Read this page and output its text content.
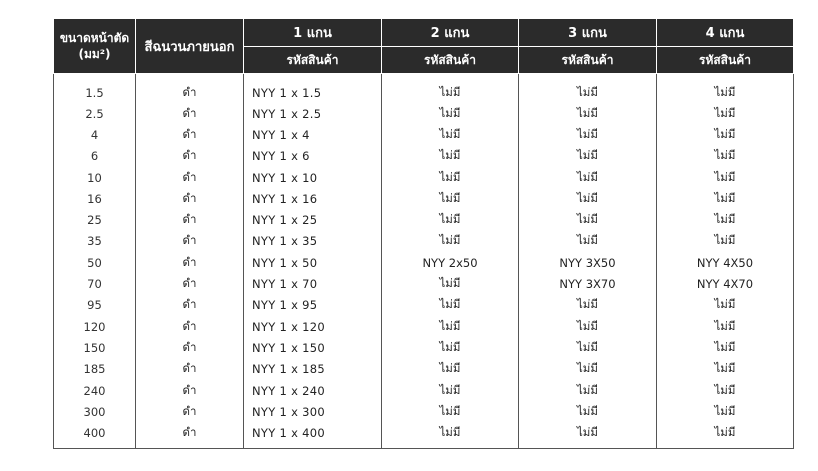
ขนาดหน้าตัด
(มม²)	สีฉนวนภายนอก	1 แกน	2 แกน	3 แกน	4 แกน
		รหัสสินค้า	รหัสสินค้า	รหัสสินค้า	รหัสสินค้า
1.5	ดำ	NYY 1 x 1.5	ไม่มี	ไม่มี	ไม่มี
2.5	ดำ	NYY 1 x 2.5	ไม่มี	ไม่มี	ไม่มี
4	ดำ	NYY 1 x 4	ไม่มี	ไม่มี	ไม่มี
6	ดำ	NYY 1 x 6	ไม่มี	ไม่มี	ไม่มี
10	ดำ	NYY 1 x 10	ไม่มี	ไม่มี	ไม่มี
16	ดำ	NYY 1 x 16	ไม่มี	ไม่มี	ไม่มี
25	ดำ	NYY 1 x 25	ไม่มี	ไม่มี	ไม่มี
35	ดำ	NYY 1 x 35	ไม่มี	ไม่มี	ไม่มี
50	ดำ	NYY 1 x 50	NYY 2x50	NYY 3X50	NYY 4X50
70	ดำ	NYY 1 x 70	ไม่มี	NYY 3X70	NYY 4X70
95	ดำ	NYY 1 x 95	ไม่มี	ไม่มี	ไม่มี
120	ดำ	NYY 1 x 120	ไม่มี	ไม่มี	ไม่มี
150	ดำ	NYY 1 x 150	ไม่มี	ไม่มี	ไม่มี
185	ดำ	NYY 1 x 185	ไม่มี	ไม่มี	ไม่มี
240	ดำ	NYY 1 x 240	ไม่มี	ไม่มี	ไม่มี
300	ดำ	NYY 1 x 300	ไม่มี	ไม่มี	ไม่มี
400	ดำ	NYY 1 x 400	ไม่มี	ไม่มี	ไม่มี
